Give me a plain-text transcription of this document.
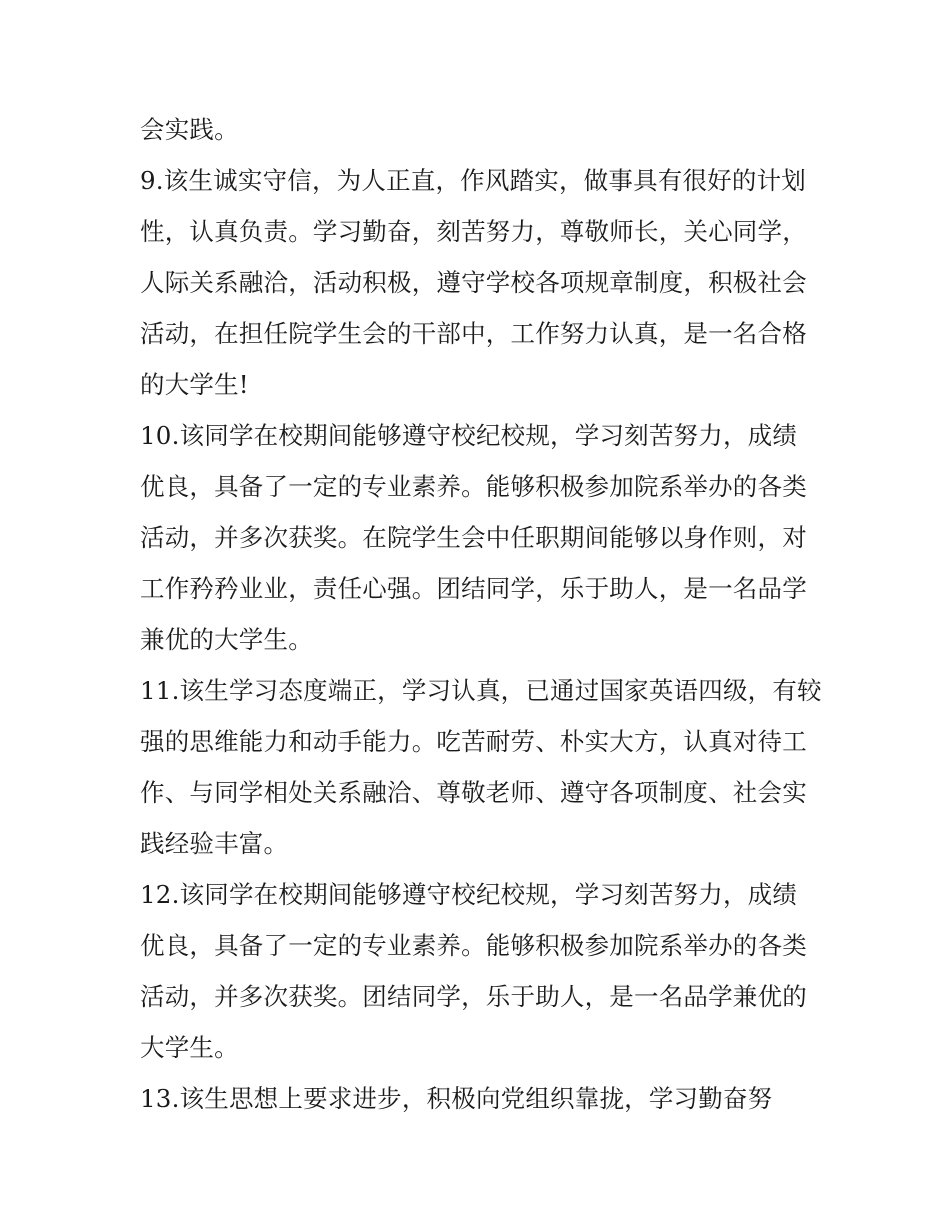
会实践。
9.该生诚实守信，为人正直，作风踏实，做事具有很好的计划
性，认真负责。学习勤奋，刻苦努力，尊敬师长，关心同学，
人际关系融洽，活动积极，遵守学校各项规章制度，积极社会
活动，在担任院学生会的干部中，工作努力认真，是一名合格
的大学生!
10.该同学在校期间能够遵守校纪校规，学习刻苦努力，成绩
优良，具备了一定的专业素养。能够积极参加院系举办的各类
活动，并多次获奖。在院学生会中任职期间能够以身作则，对
工作矜矜业业，责任心强。团结同学，乐于助人，是一名品学
兼优的大学生。
11.该生学习态度端正，学习认真，已通过国家英语四级，有较
强的思维能力和动手能力。吃苦耐劳、朴实大方，认真对待工
作、与同学相处关系融洽、尊敬老师、遵守各项制度、社会实
践经验丰富。
12.该同学在校期间能够遵守校纪校规，学习刻苦努力，成绩
优良，具备了一定的专业素养。能够积极参加院系举办的各类
活动，并多次获奖。团结同学，乐于助人，是一名品学兼优的
大学生。
13.该生思想上要求进步，积极向党组织靠拢，学习勤奋努
